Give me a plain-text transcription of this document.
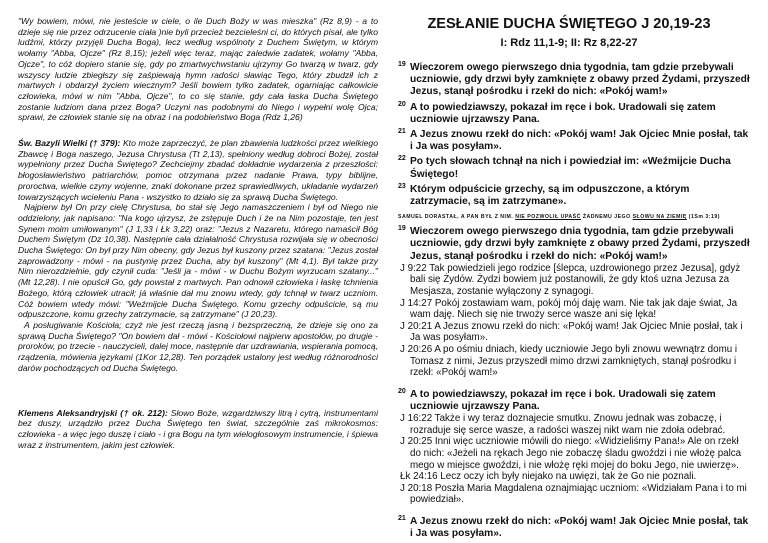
"Wy bowiem, mówi, nie jesteście w ciele, o ile Duch Boży w was mieszka" (Rz 8,9) - a to dzieje się nie przez odrzucenie ciała )nie byli przecież bezcieleśni ci, do których pisał, ale tylko ludźmi, którzy przyjęli Ducha Boga), lecz według wspólnoty z Duchem Świętym, w którym wołamy "Abba, Ojcze" (Rz 8,15); jeżeli więc teraz, mając zaledwie zadatek, wołamy "Abba, Ojcze", to cóż dopiero stanie się, gdy po zmartwychwstaniu ujrzymy Go twarzą w twarz, gdy wszyscy ludzie zbiegłszy się zaśpiewają hymn radości sławiąc Tego, który zbudził ich z martwych i obdarzył życiem wiecznym? Jeśli bowiem tylko zadatek, ogarniając całkowicie człowieka, mówi w nim "Abba, Ojcze", to co się stanie, gdy cała łaska Ducha Świętego zostanie ludziom dana przez Boga? Uczyni nas podobnymi do Niego i wypełni wolę Ojca; sprawi, że człowiek stanie się na obraz i na podobieństwo Boga (Rdz 1,26)

Św. Bazyli Wielki († 379): Kto może zaprzeczyć, że plan zbawienia ludzkości przez wielkiego Zbawcę i Boga naszego, Jezusa Chrystusa (Tt 2,13), spełniony według dobroci Bożej, został wypełniony przez Ducha Świętego? Zechciejmy zbadać dokładnie wydarzenia z przeszłości: błogosławieństwo patriarchów, pomoc otrzymana przez nadanie Prawa, typy biblijne, proroctwa, wielkie czyny wojenne, znaki dokonane przez sprawiedliwych, układanie wydarzeń towarzyszących wcieleniu Pana - wszystko to działo się za sprawą Ducha Świętego.

Najpierw był On przy cielę Chrystusa, bo stał się Jego namaszczeniem i był od Niego nie oddzielony, jak napisano: "Na kogo ujrzysz, że zstępuje Duch i że na Nim pozostaje, ten jest Synem moim umiłowanym" (J 1,33 i Łk 3,22) oraz: "Jezus z Nazaretu, którego namaścił Bóg Duchem Świętym (Dz 10,38). Następnie cała działalność Chrystusa rozwijała się w obecności Ducha Świętego: On był przy Nim obecny, gdy Jezus był kuszony przez szatana: "Jezus został zaprowadzony - mówi - na pustynię przez Ducha, aby był kuszony" (Mt 4,1). Był także przy Nim nierozdzielnie, gdy czynił cuda: "Jeśli ja - mówi - w Duchu Bożym wyrzucam szatany..." (Mt 12,28). I nie opuścił Go, gdy powstał z martwych. Pan odnowił człowieka i łaskę tchnienia Bożego, którą człowiek utracił; já właśnie dał mu znowu wtedy, gdy tchnął w twarz uczniom. Cóż bowiem wtedy mówi: "Weźmijcie Ducha Świętego. Komu grzechy odpuścicie, są mu odpuszczone, komu grzechy zatrzymacie, są zatrzymane" (J 20,23).

A posługiwanie Kościoła; czyż nie jest rzeczą jasną i bezsprzeczną, że dzieje się ono za sprawą Ducha Świętego? "On bowiem dał - mówi - Kościołowi najpierw apostołów, po drugie - proroków, po trzecie - nauczycieli, dalej moce, następnie dar uzdrawiania, wspierania pomocą, rządzenia, mówienia językami (1Kor 12,28). Ten porządek ustalony jest według różnorodności darów pochodzących od Ducha Świętego.

Klemens Aleksandryjski († ok. 212): Słowo Boże, wzgardziwszy litrą i cytrą, instrumentami bez duszy, urządziło przez Ducha Świętego ten świat, szczególnie zaś mikrokosmos: człowieka - a więc jego duszę i ciało - i gra Bogu na tym wielogłosowym instrumencie, i śpiewa wraz z instrumentem, jakim jest człowiek.

ZESŁANIE DUCHA ŚWIĘTEGO J 20,19-23
I: Rdz 11,1-9; II: Rz 8,22-27

19 Wieczorem owego pierwszego dnia tygodnia, tam gdzie przebywali uczniowie, gdy drzwi były zamknięte z obawy przed Żydami, przyszedł Jezus, stanął pośrodku i rzekł do nich: «Pokój wam!»

20 A to powiedziawszy, pokazał im ręce i bok. Uradowali się zatem uczniowie ujrzawszy Pana.

21 A Jezus znowu rzekł do nich: «Pokój wam! Jak Ojciec Mnie posłał, tak i Ja was posyłam».

22 Po tych słowach tchnął na nich i powiedział im: «Weźmijcie Ducha Świętego!

23 Którym odpuścicie grzechy, są im odpuszczone, a którym zatrzymacie, są im zatrzymane».

SAMUEL DORASTAŁ, A PAN BYŁ Z NIM. NIE POZWOLIŁ UPAŚĆ ŻADNEMU JEGO SŁOWU NA ZIEMIĘ (1Sm 3:19)

19 Wieczorem owego pierwszego dnia tygodnia, tam gdzie przebywali uczniowie, gdy drzwi były zamknięte z obawy przed Żydami, przyszedł Jezus, stanął pośrodku i rzekł do nich: «Pokój wam!»

J 9:22 Tak powiedzieli jego rodzice [ślepca, uzdrowionego przez Jezusa], gdyż bali się Żydów. Żydzi bowiem już postanowili, że gdy ktoś uzna Jezusa za Mesjasza, zostanie wyłączony z synagogi.

J 14:27 Pokój zostawiam wam, pokój mój daję wam. Nie tak jak daje świat, Ja wam daję. Niech się nie trwoży serce wasze ani się lęka!

J 20:21 A Jezus znowu rzekł do nich: «Pokój wam! Jak Ojciec Mnie posłał, tak i Ja was posyłam».

J 20:26 A po ośmiu dniach, kiedy uczniowie Jego byli znowu wewnątrz domu i Tomasz z nimi, Jezus przyszedł mimo drzwi zamkniętych, stanął pośrodku i rzekł: «Pokój wam!»

20 A to powiedziawszy, pokazał im ręce i bok. Uradowali się zatem uczniowie ujrzawszy Pana.

J 16:22 Także i wy teraz doznajecie smutku. Znowu jednak was zobaczę, i rozraduje się serce wasze, a radości waszej nikt wam nie zdoła odebrać.

J 20:25 Inni więc uczniowie mówili do niego: «Widzieliśmy Pana!» Ale on rzekł do nich: «Jeżeli na rękach Jego nie zobaczę śladu gwoździ i nie włożę palca mego w miejsce gwoździ, i nie włożę ręki mojej do boku Jego, nie uwierzę».

Łk 24:16 Lecz oczy ich były niejako na uwięzi, tak że Go nie poznali.

J 20:18 Poszła Maria Magdalena oznajmiając uczniom: «Widziałam Pana i to mi powiedział».

21 A Jezus znowu rzekł do nich: «Pokój wam! Jak Ojciec Mnie posłał, tak i Ja was posyłam».
